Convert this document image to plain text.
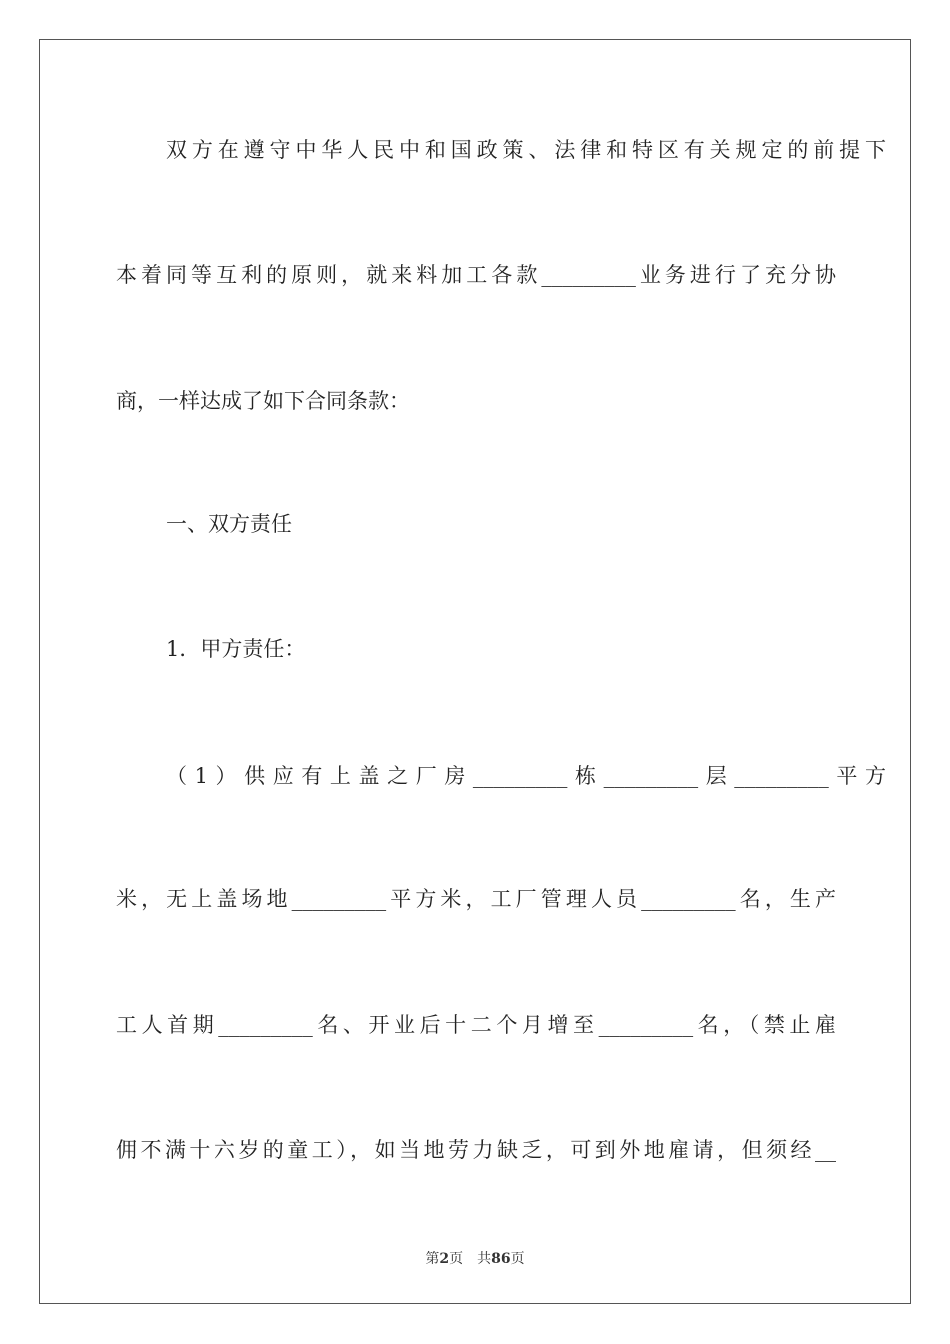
双方在遵守中华人民中和国政策、法律和特区有关规定的前提下
本着同等互利的原则，就来料加工各款_________业务进行了充分协
商，一样达成了如下合同条款：
一、双方责任
1．甲方责任：
（1）供应有上盖之厂房_________栋_________层_________平方
米，无上盖场地_________平方米，工厂管理人员_________名，生产
工人首期_________名、开业后十二个月增至_________名，（禁止雇
佣不满十六岁的童工），如当地劳力缺乏，可到外地雇请，但须经__
第2页 共86页
